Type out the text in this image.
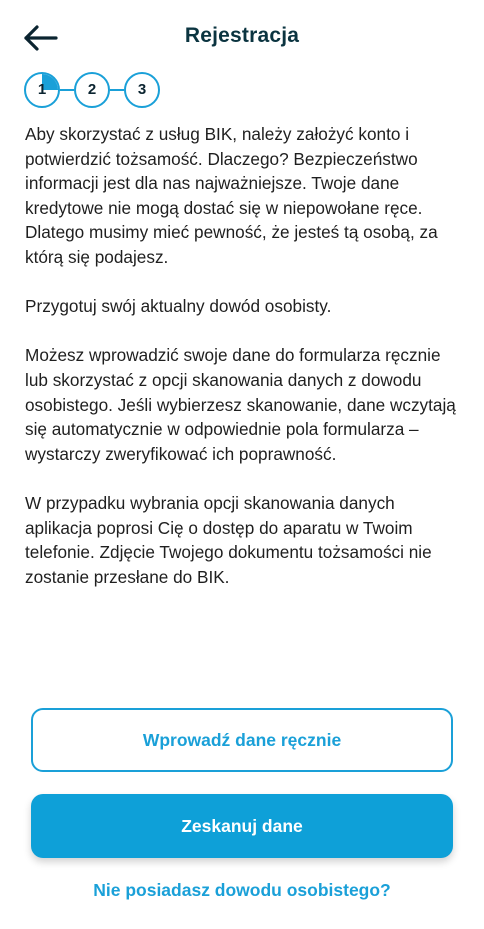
Rejestracja
1	2	3

Aby skorzystać z usług BIK, należy założyć konto i potwierdzić tożsamość. Dlaczego? Bezpieczeństwo informacji jest dla nas najważniejsze. Twoje dane kredytowe nie mogą dostać się w niepowołane ręce. Dlatego musimy mieć pewność, że jesteś tą osobą, za którą się podajesz.

Przygotuj swój aktualny dowód osobisty.

Możesz wprowadzić swoje dane do formularza ręcznie lub skorzystać z opcji skanowania danych z dowodu osobistego. Jeśli wybierzesz skanowanie, dane wczytają się automatycznie w odpowiednie pola formularza – wystarczy zweryfikować ich poprawność.

W przypadku wybrania opcji skanowania danych aplikacja poprosi Cię o dostęp do aparatu w Twoim telefonie. Zdjęcie Twojego dokumentu tożsamości nie zostanie przesłane do BIK.

Wprowadź dane ręcznie
Zeskanuj dane
Nie posiadasz dowodu osobistego?
